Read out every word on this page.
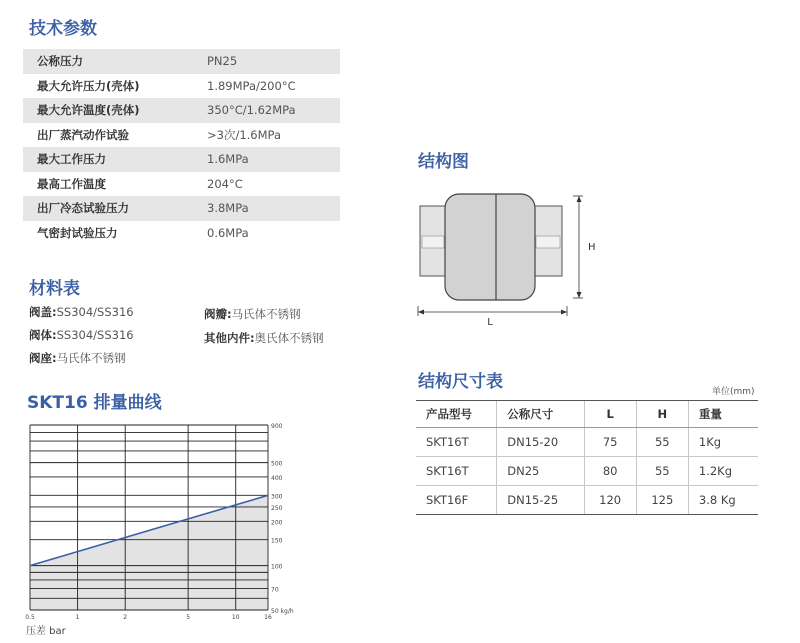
技术参数
公称压力	PN25
最大允许压力(壳体)	1.89MPa/200°C
最大允许温度(壳体)	350°C/1.62MPa
出厂蒸汽动作试验	>3次/1.6MPa
最大工作压力	1.6MPa
最高工作温度	204°C
出厂冷态试验压力	3.8MPa
气密封试验压力	0.6MPa
材料表
阀盖:SS304/SS316
阀体:SS304/SS316
阀座:马氏体不锈钢
阀瓣:马氏体不锈钢
其他内件:奥氏体不锈钢
SKT16 排量曲线
900
500
400
300
250
200
150
100
70
50 kg/h
0.5	1	2	5	10	16
压差 bar
结构图
L
H
结构尺寸表	单位(mm)
产品型号	公称尺寸	L	H	重量
SKT16T	DN15-20	75	55	1Kg
SKT16T	DN25	80	55	1.2Kg
SKT16F	DN15-25	120	125	3.8 Kg
